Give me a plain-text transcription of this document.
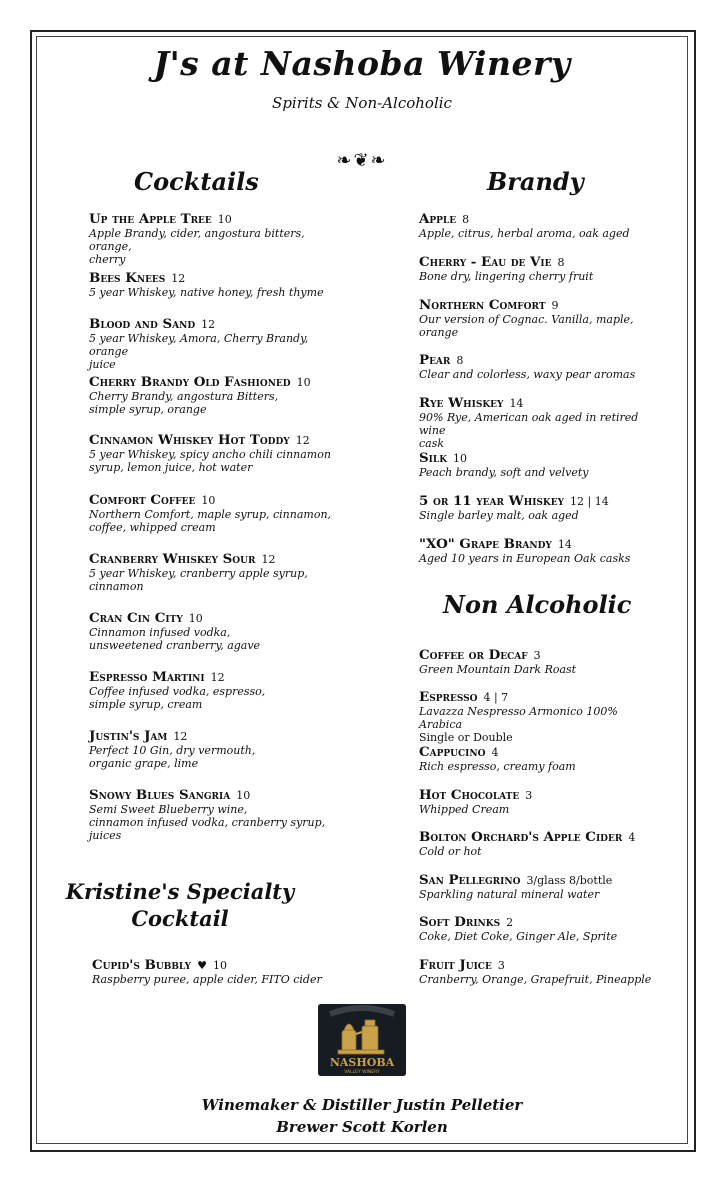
J's at Nashoba Winery
Spirits & Non-Alcoholic
❧❦❧
Cocktails	Brandy
Non Alcoholic
Up the Apple Tree 10
Apple Brandy, cider, angostura bitters, orange,
cherry
Bees Knees 12
5 year Whiskey, native honey, fresh thyme
Blood and Sand 12
5 year Whiskey, Amora, Cherry Brandy, orange
juice
Cherry Brandy Old Fashioned 10
Cherry Brandy, angostura Bitters,
simple syrup, orange
Cinnamon Whiskey Hot Toddy 12
5 year Whiskey, spicy ancho chili cinnamon
syrup, lemon juice, hot water
Comfort Coffee 10
Northern Comfort, maple syrup, cinnamon,
coffee, whipped cream
Cranberry Whiskey Sour 12
5 year Whiskey, cranberry apple syrup,
cinnamon
Cran Cin City 10
Cinnamon infused vodka,
unsweetened cranberry, agave
Espresso Martini 12
Coffee infused vodka, espresso,
simple syrup, cream
Justin's Jam 12
Perfect 10 Gin, dry vermouth,
organic grape, lime
Snowy Blues Sangria 10
Semi Sweet Blueberry wine,
cinnamon infused vodka, cranberry syrup, juices
Kristine's Specialty
Cocktail
Cupid's Bubbly ♥ 10
Raspberry puree, apple cider, FITO cider
Apple 8
Apple, citrus, herbal aroma, oak aged
Cherry - Eau de Vie 8
Bone dry, lingering cherry fruit
Northern Comfort 9
Our version of Cognac. Vanilla, maple,
orange
Pear 8
Clear and colorless, waxy pear aromas
Rye Whiskey 14
90% Rye, American oak aged in retired wine
cask
Silk 10
Peach brandy, soft and velvety
5 or 11 year Whiskey 12 | 14
Single barley malt, oak aged
"XO" Grape Brandy 14
Aged 10 years in European Oak casks
Coffee or Decaf 3
Green Mountain Dark Roast
Espresso 4 | 7
Lavazza Nespresso Armonico 100% Arabica
Single or Double
Cappucino 4
Rich espresso, creamy foam
Hot Chocolate 3
Whipped Cream
Bolton Orchard's Apple Cider 4
Cold or hot
San Pellegrino 3/glass 8/bottle
Sparkling natural mineral water
Soft Drinks 2
Coke, Diet Coke, Ginger Ale, Sprite
Fruit Juice 3
Cranberry, Orange, Grapefruit, Pineapple
NASHOBA
VALLEY WINERY
Winemaker & Distiller Justin Pelletier
Brewer Scott Korlen
